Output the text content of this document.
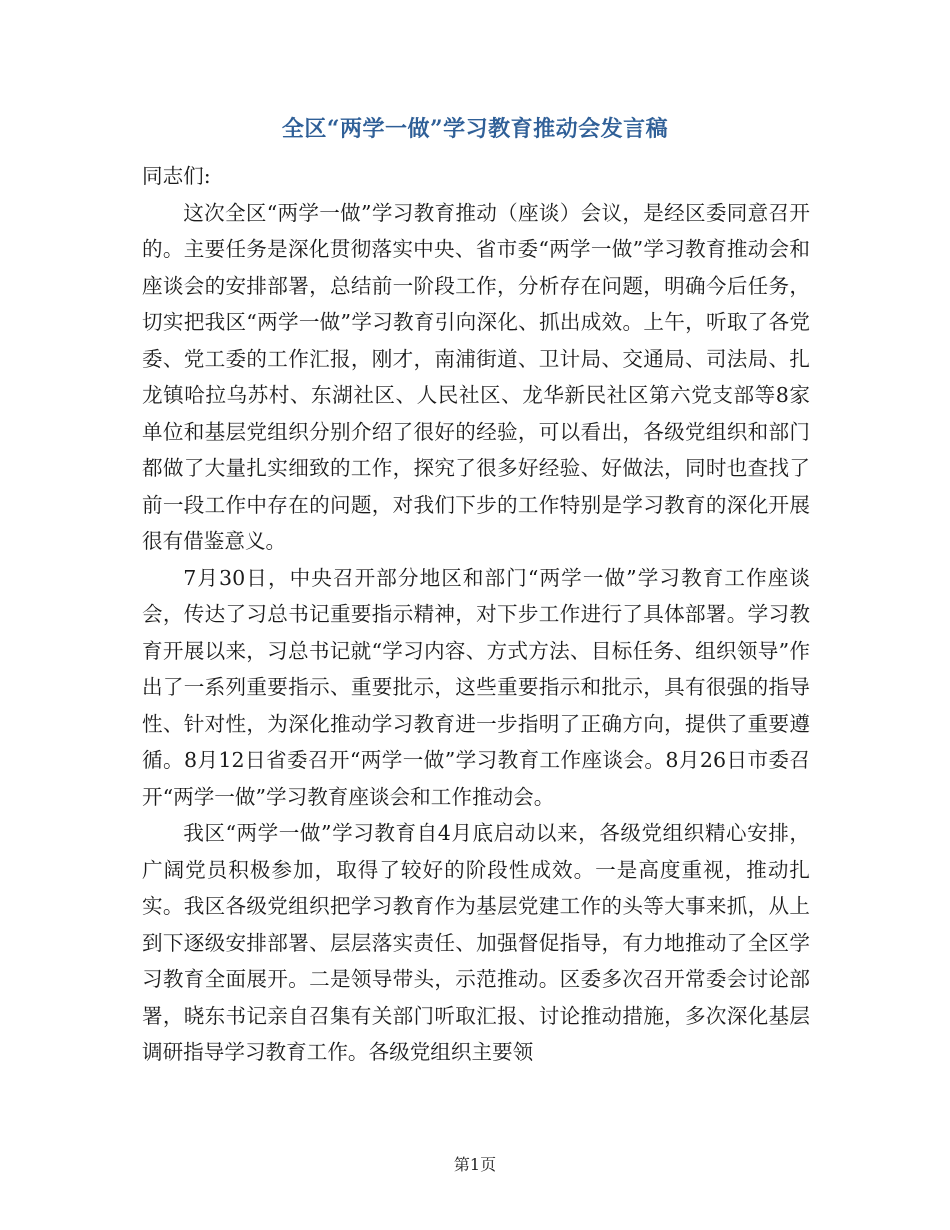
全区“两学一做”学习教育推动会发言稿

同志们:

这次全区“两学一做”学习教育推动（座谈）会议，是经区委同意召开的。主要任务是深化贯彻落实中央、省市委“两学一做”学习教育推动会和座谈会的安排部署，总结前一阶段工作，分析存在问题，明确今后任务，切实把我区“两学一做”学习教育引向深化、抓出成效。上午，听取了各党委、党工委的工作汇报，刚才，南浦街道、卫计局、交通局、司法局、扎龙镇哈拉乌苏村、东湖社区、人民社区、龙华新民社区第六党支部等8家单位和基层党组织分别介绍了很好的经验，可以看出，各级党组织和部门都做了大量扎实细致的工作，探究了很多好经验、好做法，同时也查找了前一段工作中存在的问题，对我们下步的工作特别是学习教育的深化开展很有借鉴意义。

7月30日，中央召开部分地区和部门“两学一做”学习教育工作座谈会，传达了习总书记重要指示精神，对下步工作进行了具体部署。学习教育开展以来，习总书记就“学习内容、方式方法、目标任务、组织领导”作出了一系列重要指示、重要批示，这些重要指示和批示，具有很强的指导性、针对性，为深化推动学习教育进一步指明了正确方向，提供了重要遵循。8月12日省委召开“两学一做”学习教育工作座谈会。8月26日市委召开“两学一做”学习教育座谈会和工作推动会。

我区“两学一做”学习教育自4月底启动以来，各级党组织精心安排，广阔党员积极参加，取得了较好的阶段性成效。一是高度重视，推动扎实。我区各级党组织把学习教育作为基层党建工作的头等大事来抓，从上到下逐级安排部署、层层落实责任、加强督促指导，有力地推动了全区学习教育全面展开。二是领导带头，示范推动。区委多次召开常委会讨论部署，晓东书记亲自召集有关部门听取汇报、讨论推动措施，多次深化基层调研指导学习教育工作。各级党组织主要领

第1页
